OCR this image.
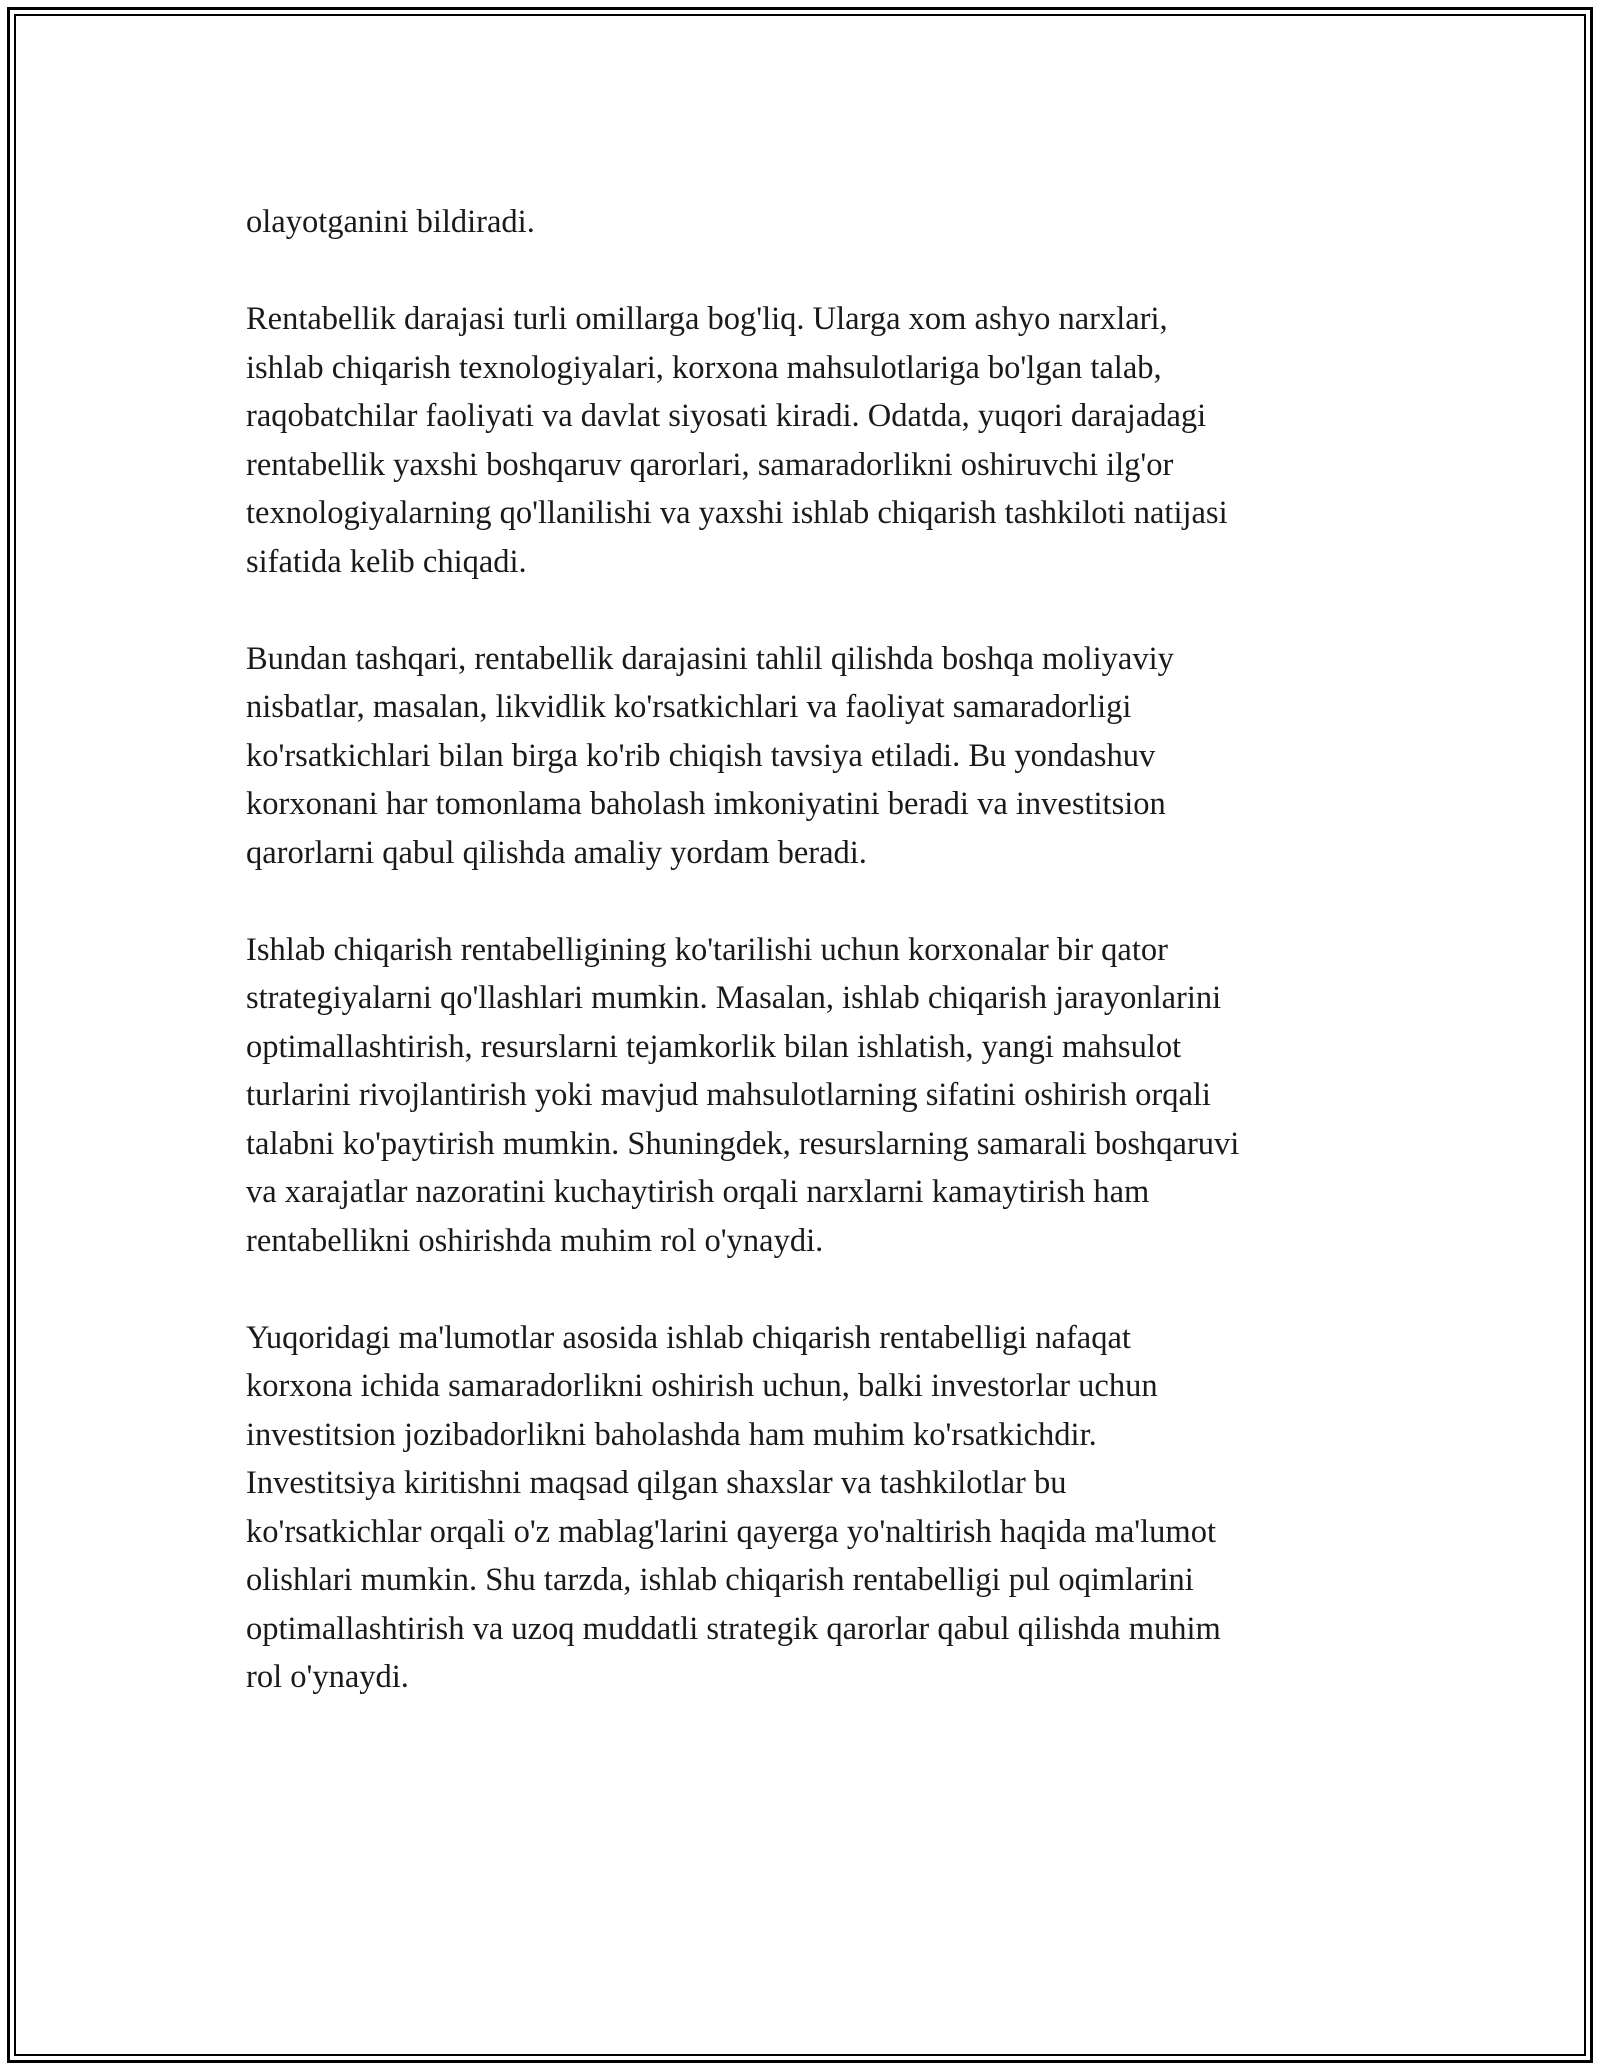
olayotganini bildiradi.

Rentabellik darajasi turli omillarga bog'liq. Ularga xom ashyo narxlari,
ishlab chiqarish texnologiyalari, korxona mahsulotlariga bo'lgan talab,
raqobatchilar faoliyati va davlat siyosati kiradi. Odatda, yuqori darajadagi
rentabellik yaxshi boshqaruv qarorlari, samaradorlikni oshiruvchi ilg'or
texnologiyalarning qo'llanilishi va yaxshi ishlab chiqarish tashkiloti natijasi
sifatida kelib chiqadi.

Bundan tashqari, rentabellik darajasini tahlil qilishda boshqa moliyaviy
nisbatlar, masalan, likvidlik ko'rsatkichlari va faoliyat samaradorligi
ko'rsatkichlari bilan birga ko'rib chiqish tavsiya etiladi. Bu yondashuv
korxonani har tomonlama baholash imkoniyatini beradi va investitsion
qarorlarni qabul qilishda amaliy yordam beradi.

Ishlab chiqarish rentabelligining ko'tarilishi uchun korxonalar bir qator
strategiyalarni qo'llashlari mumkin. Masalan, ishlab chiqarish jarayonlarini
optimallashtirish, resurslarni tejamkorlik bilan ishlatish, yangi mahsulot
turlarini rivojlantirish yoki mavjud mahsulotlarning sifatini oshirish orqali
talabni ko'paytirish mumkin. Shuningdek, resurslarning samarali boshqaruvi
va xarajatlar nazoratini kuchaytirish orqali narxlarni kamaytirish ham
rentabellikni oshirishda muhim rol o'ynaydi.

Yuqoridagi ma'lumotlar asosida ishlab chiqarish rentabelligi nafaqat
korxona ichida samaradorlikni oshirish uchun, balki investorlar uchun
investitsion jozibadorlikni baholashda ham muhim ko'rsatkichdir.
Investitsiya kiritishni maqsad qilgan shaxslar va tashkilotlar bu
ko'rsatkichlar orqali o'z mablag'larini qayerga yo'naltirish haqida ma'lumot
olishlari mumkin. Shu tarzda, ishlab chiqarish rentabelligi pul oqimlarini
optimallashtirish va uzoq muddatli strategik qarorlar qabul qilishda muhim
rol o'ynaydi.
